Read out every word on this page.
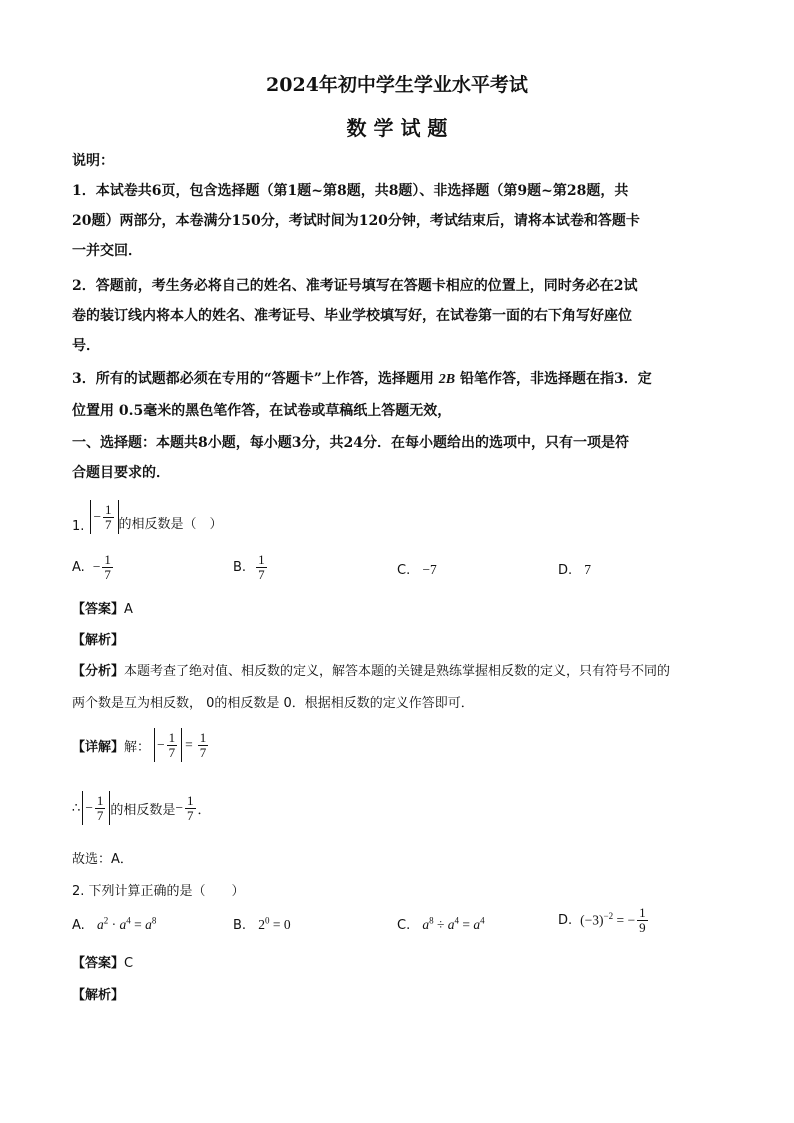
2024年初中学生学业水平考试
数 学 试 题
说明：
1．本试卷共6页，包含选择题（第1题~第8题，共8题）、非选择题（第9题~第28题，共
20题）两部分，本卷满分150分，考试时间为120分钟，考试结束后，请将本试卷和答题卡
一并交回．
2．答题前，考生务必将自己的姓名、准考证号填写在答题卡相应的位置上，同时务必在2试
卷的装订线内将本人的姓名、准考证号、毕业学校填写好，在试卷第一面的右下角写好座位
号．
3．所有的试题都必须在专用的“答题卡”上作答，选择题用 2B 铅笔作答，非选择题在指3．定
位置用 0.5毫米的黑色笔作答，在试卷或草稿纸上答题无效，
一、选择题：本题共8小题，每小题3分，共24分．在每小题给出的选项中，只有一项是符
合题目要求的．
1.
− $\frac{1}{7}$ 的相反数是（　）
A. − $\frac{1}{7}$	B. $\frac{1}{7}$	C. −7	D. 7
【答案】A
【解析】
【分析】本题考查了绝对值、相反数的定义，解答本题的关键是熟练掌握相反数的定义，只有符号不同的
两个数是互为相反数， 0的相反数是 0．根据相反数的定义作答即可．
【详解】 解： − $\frac{1}{7} = \frac{1}{7}$
∴ − $\frac{1}{7}$ 的相反数是 − $\frac{1}{7}$ ．
故选：A．
2. 下列计算正确的是（　　）
A. $a^2 \cdot a^4 = a^8$	B. $2^0 = 0$	C. $a^8 \div a^4 = a^4$	D. $(-3)^{-2}$ = − $\frac{1}{9}$
【答案】C
【解析】
